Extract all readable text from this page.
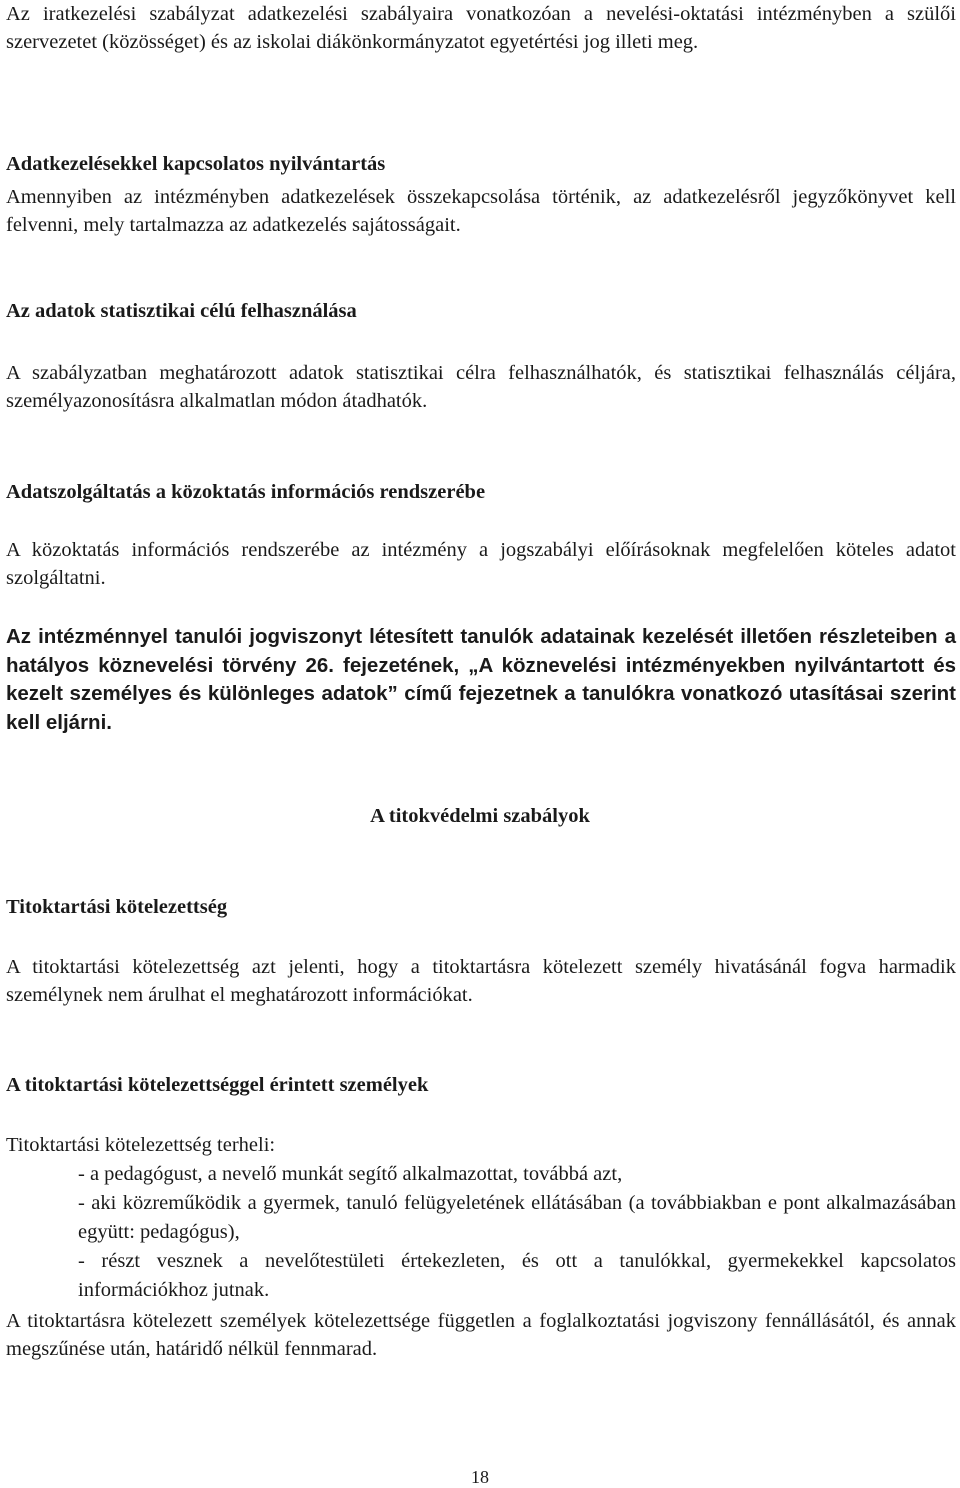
Az iratkezelési szabályzat adatkezelési szabályaira vonatkozóan a nevelési-oktatási intézményben a szülői szervezetet (közösséget) és az iskolai diákönkormányzatot egyetértési jog illeti meg.

Adatkezelésekkel kapcsolatos nyilvántartás

Amennyiben az intézményben adatkezelések összekapcsolása történik, az adatkezelésről jegyzőkönyvet kell felvenni, mely tartalmazza az adatkezelés sajátosságait.

Az adatok statisztikai célú felhasználása

A szabályzatban meghatározott adatok statisztikai célra felhasználhatók, és statisztikai felhasználás céljára, személyazonosításra alkalmatlan módon átadhatók.

Adatszolgáltatás a közoktatás információs rendszerébe

A közoktatás információs rendszerébe az intézmény a jogszabályi előírásoknak megfelelően köteles adatot szolgáltatni.

Az intézménnyel tanulói jogviszonyt létesített tanulók adatainak kezelését illetően részleteiben a hatályos köznevelési törvény 26. fejezetének, „A köznevelési intézményekben nyilvántartott és kezelt személyes és különleges adatok” című fejezetnek a tanulókra vonatkozó utasításai szerint kell eljárni.

A titokvédelmi szabályok

Titoktartási kötelezettség

A titoktartási kötelezettség azt jelenti, hogy a titoktartásra kötelezett személy hivatásánál fogva harmadik személynek nem árulhat el meghatározott információkat.

A titoktartási kötelezettséggel érintett személyek

Titoktartási kötelezettség terheli:

- a pedagógust, a nevelő munkát segítő alkalmazottat, továbbá azt,
- aki közreműködik a gyermek, tanuló felügyeletének ellátásában (a továbbiakban e pont alkalmazásában együtt: pedagógus),
- részt vesznek a nevelőtestületi értekezleten, és ott a tanulókkal, gyermekekkel kapcsolatos információkhoz jutnak.

A titoktartásra kötelezett személyek kötelezettsége független a foglalkoztatási jogviszony fennállásától, és annak megszűnése után, határidő nélkül fennmarad.

18
